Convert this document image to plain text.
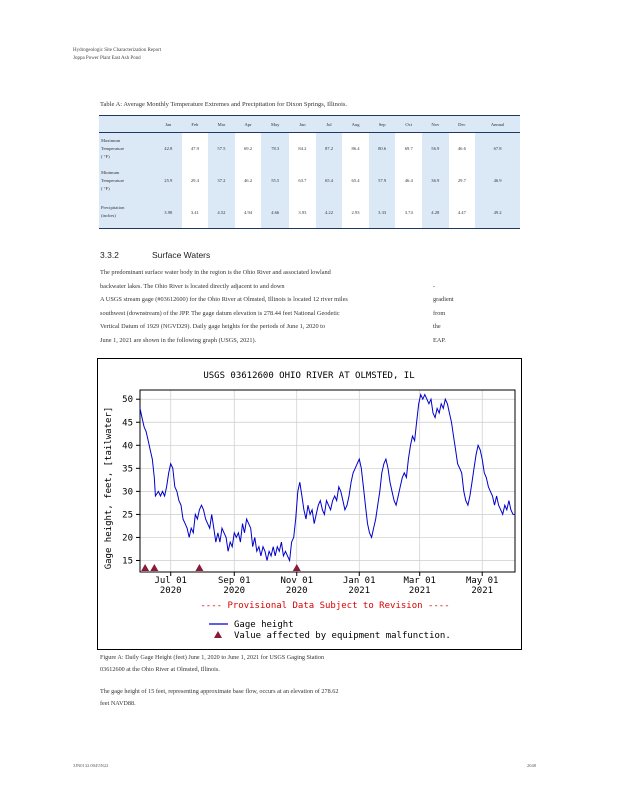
Hydrogeologic Site Characterization Report
Joppa Power Plant East Ash Pond
Table A: Average Monthly Temperature Extremes and Precipitation for Dixon Springs, Illinois.
	Jan	Feb	Mar	Apr	May	Jun	Jul	Aug	Sep	Oct	Nov	Dec	Annual

Maximum
Temperature
( °F)	42.8	47.9	57.5	69.2	78.3	84.2	87.2	86.4	80.6	69.7	56.9	46.6	67.8

Minimum
Temperature
( °F)	25.9	29.4	37.2	46.2	55.5	63.7	65.4	65.4	57.9	46.4	36.9	29.7	46.9

Precipitation
(inches)	3.98	3.41	4.52	4.94	4.66	3.93	4.22	2.93	3.33	3.74	4.28	4.47	49.2
3.3.2	Surface Waters
The predominant surface water body in the region is the Ohio River and associated lowland
backwater lakes. The Ohio River is located directly adjacent to and down	- gradient from the EAP.
A USGS stream gage (#03612600) for the Ohio River at Olmsted, Illinois is located 12 river miles
southwest (downstream) of the JPP. The gage datum elevation is 278.44 feet National Geodetic
Vertical Datum of 1929 (NGVD29). Daily gage heights for the periods of June 1, 2020 to
June 1, 2021 are shown in the following graph (USGS, 2021).
USGS 03612600 OHIO RIVER AT OLMSTED, IL
15
20
25
30
35
40
45
50
Jul 01
2020
Sep 01
2020
Nov 01
2020
Jan 01
2021
Mar 01
2021
May 01
2021
Gage height, feet, [tailwater]
---- Provisional Data Subject to Revision ----
Gage height
Value affected by equipment malfunction.
Figure A: Daily Gage Height (feet) June 1, 2020 to June 1, 2021 for USGS Gaging Station
03612600 at the Ohio River at Olmsted, Illinois.
The gage height of 15 feet, representing approximate base flow, occurs at an elevation of 278.62
feet NAVD88.
3JN0132.004\5N22	2048
